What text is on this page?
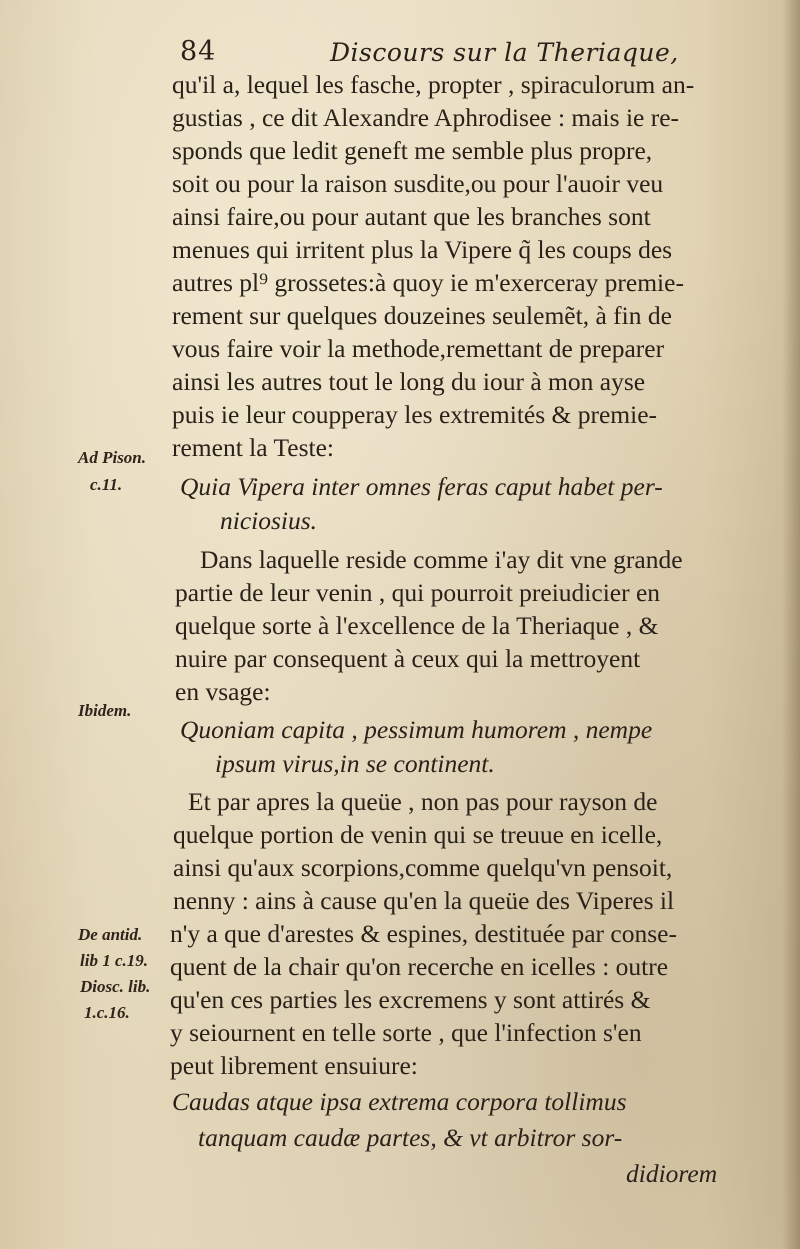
84	Discours sur la Theriaque,
qu'il a, lequel les fasche, propter , spiraculorum an-
gustias , ce dit Alexandre Aphrodisee : mais ie re-
sponds que ledit geneft me semble plus propre,
soit ou pour la raison susdite,ou pour l'auoir veu
ainsi faire,ou pour autant que les branches sont
menues qui irritent plus la Vipere q̃ les coups des
autres pl⁹ grossetes:à quoy ie m'exerceray premie-
rement sur quelques douzeines seulemẽt, à fin de
vous faire voir la methode,remettant de preparer
ainsi les autres tout le long du iour à mon ayse
puis ie leur coupperay les extremités & premie-
rement la Teste:
Quia Vipera inter omnes feras caput habet per-
niciosius.
Dans laquelle reside comme i'ay dit vne grande
partie de leur venin , qui pourroit preiudicier en
quelque sorte à l'excellence de la Theriaque , &
nuire par consequent à ceux qui la mettroyent
en vsage:
Quoniam capita , pessimum humorem , nempe
ipsum virus,in se continent.
Et par apres la queüe , non pas pour rayson de
quelque portion de venin qui se treuue en icelle,
ainsi qu'aux scorpions,comme quelqu'vn pensoit,
nenny : ains à cause qu'en la queüe des Viperes il
n'y a que d'arestes & espines, destituée par conse-
quent de la chair qu'on recerche en icelles : outre
qu'en ces parties les excremens y sont attirés &
y seiournent en telle sorte , que l'infection s'en
peut librement ensuiure:
Caudas atque ipsa extrema corpora tollimus
tanquam caudæ partes, & vt arbitror sor-
didiorem
Ad Pison.
c.11.
Ibidem.
De antid.
lib 1 c.19.
Diosc. lib.
1.c.16.
